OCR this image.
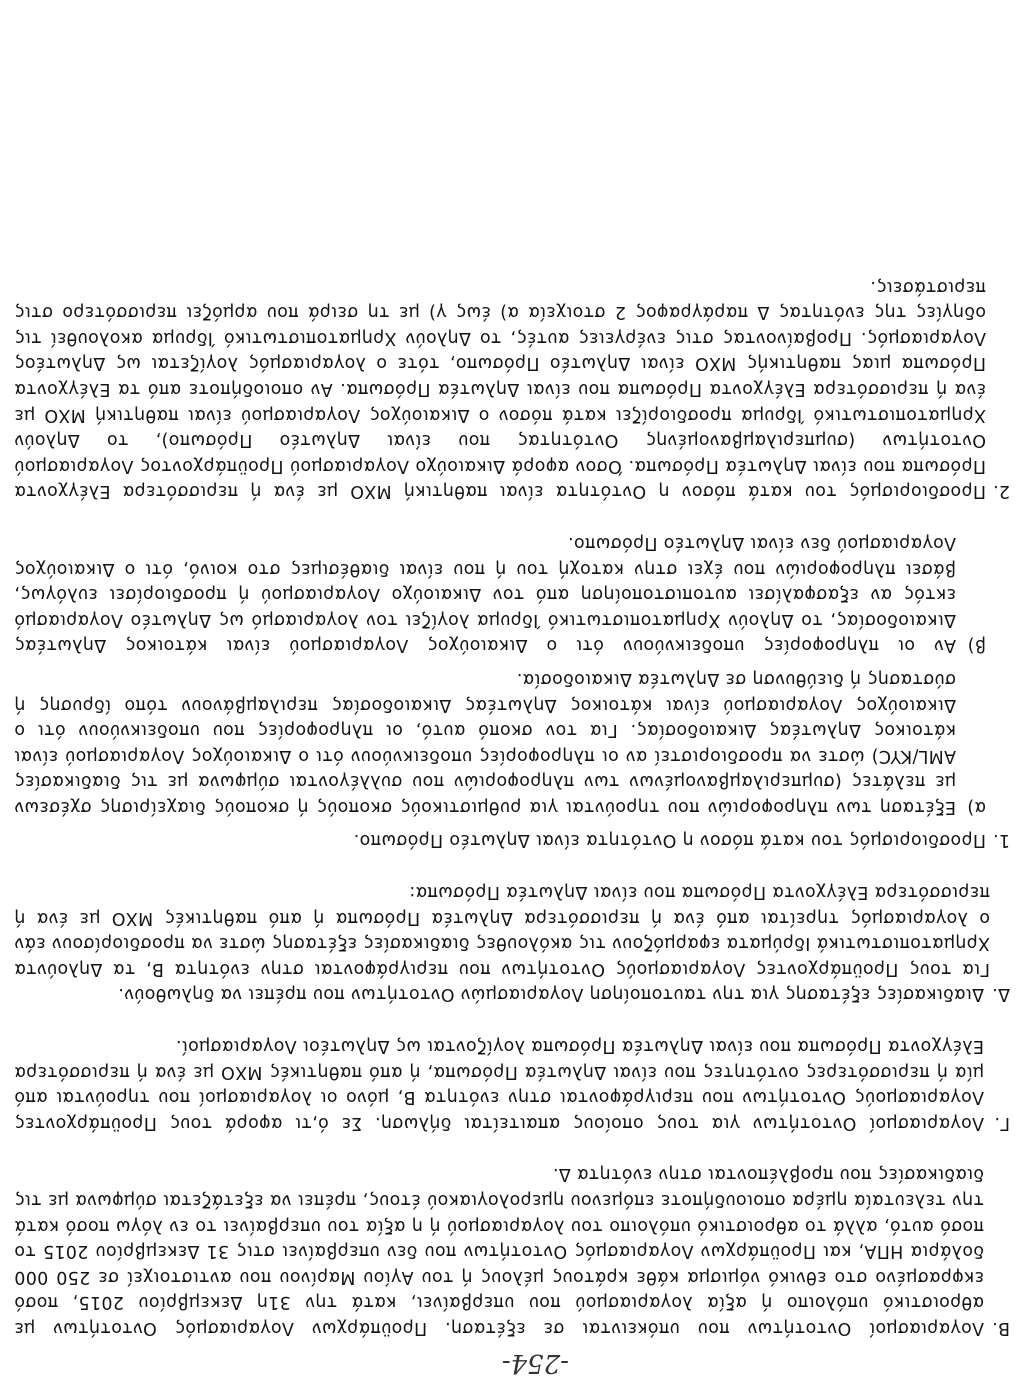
-254-
Β.
Λογαριασμοί Οντοτήτων που υπόκεινται σε εξέταση. Προϋπάρχων Λογαριασμός Οντοτήτων με αθροιστικό υπόλοιπο ή αξία λογαριασμού που υπερβαίνει, κατά την 31η Δεκεμβρίου 2015, ποσό εκφρασμένο στο εθνικό νόμισμα κάθε κράτους μέλους ή του Αγίου Μαρίνου που αντιστοιχεί σε 250 000 δολάρια ΗΠΑ, και Προϋπάρχων Λογαριασμός Οντοτήτων που δεν υπερβαίνει στις 31 Δεκεμβρίου 2015 το ποσό αυτό, αλλά το αθροιστικό υπόλοιπο του λογαριασμού ή η αξία του υπερβαίνει το εν λόγω ποσό κατά την τελευταία ημέρα οποιουδήποτε επόμενου ημερολογιακού έτους, πρέπει να εξετάζεται σύμφωνα με τις διαδικασίες που προβλέπονται στην ενότητα Δ.
Γ.
Λογαριασμοί Οντοτήτων για τους οποίους απαιτείται δήλωση. Σε ό,τι αφορά τους Προϋπάρχοντες Λογαριασμούς Οντοτήτων που περιγράφονται στην ενότητα Β, μόνο οι λογαριασμοί που τηρούνται από μία ή περισσότερες οντότητες που είναι Δηλωτέα Πρόσωπα, ή από παθητικές ΜΧΟ με ένα ή περισσότερα Ελέγχοντα Πρόσωπα που είναι Δηλωτέα Πρόσωπα λογίζονται ως Δηλωτέοι Λογαριασμοί.
Δ.
Διαδικασίες εξέτασης για την ταυτοποίηση Λογαριασμών Οντοτήτων που πρέπει να δηλωθούν.
Για τους Προϋπάρχοντες Λογαριασμούς Οντοτήτων που περιγράφονται στην ενότητα Β, τα Δηλούντα Χρηματοπιστωτικά Ιδρύματα εφαρμόζουν τις ακόλουθες διαδικασίες εξέτασης ώστε να προσδιορίσουν εάν ο λογαριασμός τηρείται από ένα ή περισσότερα Δηλωτέα Πρόσωπα ή από παθητικές ΜΧΟ με ένα ή περισσότερα Ελέγχοντα Πρόσωπα που είναι Δηλωτέα Πρόσωπα:
1.
Προσδιορισμός του κατά πόσον η Οντότητα είναι Δηλωτέο Πρόσωπο.
α)
Εξέταση των πληροφοριών που τηρούνται για ρυθμιστικούς σκοπούς ή σκοπούς διαχείρισης σχέσεων με πελάτες (συμπεριλαμβανομένων των πληροφοριών που συλλέγονται σύμφωνα με τις διαδικασίες AML/KYC) ώστε να προσδιοριστεί αν οι πληροφορίες υποδεικνύουν ότι ο Δικαιούχος Λογαριασμού είναι κάτοικος Δηλωτέας Δικαιοδοσίας. Για τον σκοπό αυτό, οι πληροφορίες που υποδεικνύουν ότι ο Δικαιούχος Λογαριασμού είναι κάτοικος Δηλωτέας Δικαιοδοσίας περιλαμβάνουν τόπο ίδρυσης ή σύστασης ή διεύθυνση σε Δηλωτέα Δικαιοδοσία.
β)
Αν οι πληροφορίες υποδεικνύουν ότι ο Δικαιούχος Λογαριασμού είναι κάτοικος Δηλωτέας Δικαιοδοσίας, το Δηλούν Χρηματοπιστωτικό Ίδρυμα λογίζει τον λογαριασμό ως Δηλωτέο Λογαριασμό εκτός αν εξασφαλίσει αυτοπιστοποίηση από τον Δικαιούχο Λογαριασμού ή προσδιορίσει ευλόγως, βάσει πληροφοριών που έχει στην κατοχή του ή που είναι διαθέσιμες στο κοινό, ότι ο Δικαιούχος Λογαριασμού δεν είναι Δηλωτέο Πρόσωπο.
2.
Προσδιορισμός του κατά πόσον η Οντότητα είναι παθητική ΜΧΟ με ένα ή περισσότερα Ελέγχοντα Πρόσωπα που είναι Δηλωτέα Πρόσωπα. Όσον αφορά Δικαιούχο Λογαριασμού Προϋπάρχοντος Λογαριασμού Οντοτήτων (συμπεριλαμβανομένης Οντότητας που είναι Δηλωτέο Πρόσωπο), το Δηλούν Χρηματοπιστωτικό Ίδρυμα προσδιορίζει κατά πόσον ο Δικαιούχος Λογαριασμού είναι παθητική ΜΧΟ με ένα ή περισσότερα Ελέγχοντα Πρόσωπα που είναι Δηλωτέα Πρόσωπα. Αν οποιοδήποτε από τα Ελέγχοντα Πρόσωπα μιας παθητικής ΜΧΟ είναι Δηλωτέο Πρόσωπο, τότε ο λογαριασμός λογίζεται ως Δηλωτέος Λογαριασμός. Προβαίνοντας στις ενέργειες αυτές, το Δηλούν Χρηματοπιστωτικό Ίδρυμα ακολουθεί τις οδηγίες της ενότητας Δ παράγραφος 2 στοιχεία α) έως γ) με τη σειρά που αρμόζει περισσότερο στις περιστάσεις.
